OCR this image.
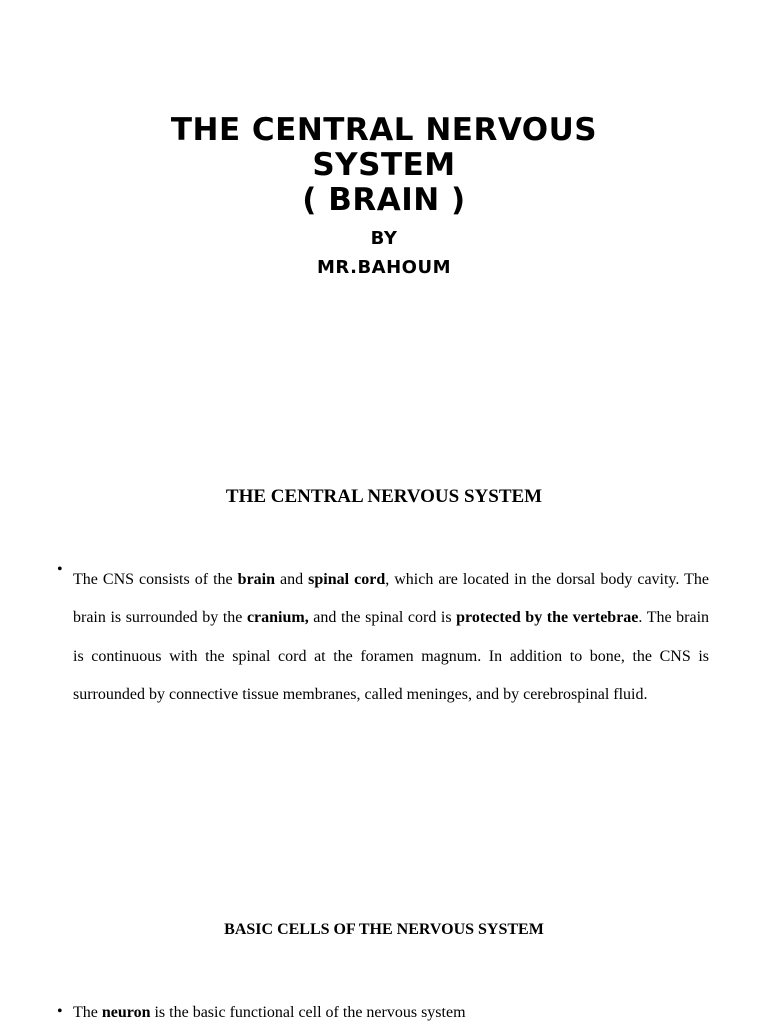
THE CENTRAL NERVOUS
SYSTEM
( BRAIN )
BY
MR.BAHOUM
THE CENTRAL NERVOUS SYSTEM
•

The CNS consists of the brain and spinal cord, which are located in the dorsal body cavity. The brain is surrounded by the cranium, and the spinal cord is protected by the vertebrae. The brain is continuous with the spinal cord at the foramen magnum. In addition to bone, the CNS is surrounded by connective tissue membranes, called meninges, and by cerebrospinal fluid.

BASIC CELLS OF THE NERVOUS SYSTEM
• The neuron is the basic functional cell of the nervous system
